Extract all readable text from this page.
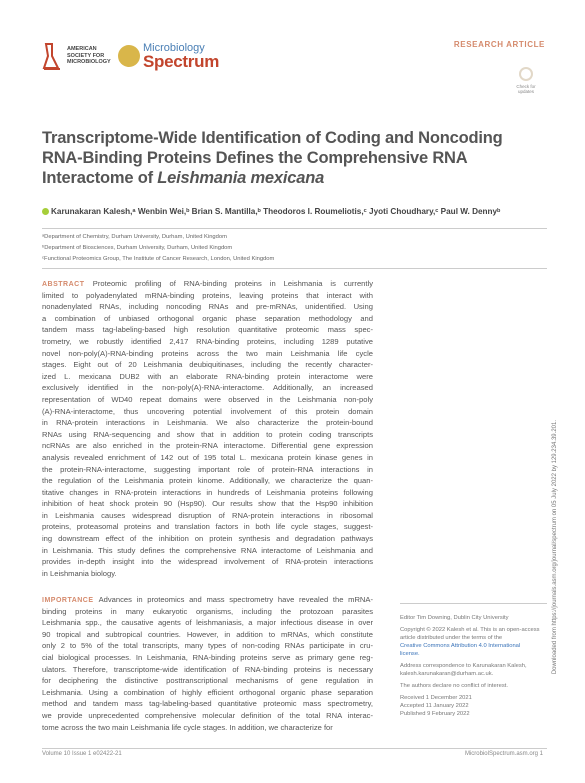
AMERICAN
SOCIETY FOR
MICROBIOLOGY
Microbiology
Spectrum
RESEARCH ARTICLE
Check for updates
Transcriptome-Wide Identification of Coding and Noncoding
RNA-Binding Proteins Defines the Comprehensive RNA
Interactome of Leishmania mexicana
Karunakaran Kalesh,ᵃ Wenbin Wei,ᵇ Brian S. Mantilla,ᵇ Theodoros I. Roumeliotis,ᶜ Jyoti Choudhary,ᶜ Paul W. Dennyᵇ
ᵃDepartment of Chemistry, Durham University, Durham, United Kingdom
ᵇDepartment of Biosciences, Durham University, Durham, United Kingdom
ᶜFunctional Proteomics Group, The Institute of Cancer Research, London, United Kingdom
ABSTRACT Proteomic profiling of RNA-binding proteins in Leishmania is currently
limited to polyadenylated mRNA-binding proteins, leaving proteins that interact with
nonadenylated RNAs, including noncoding RNAs and pre-mRNAs, unidentified. Using
a combination of unbiased orthogonal organic phase separation methodology and
tandem mass tag-labeling-based high resolution quantitative proteomic mass spec-
trometry, we robustly identified 2,417 RNA-binding proteins, including 1289 putative
novel non-poly(A)-RNA-binding proteins across the two main Leishmania life cycle
stages. Eight out of 20 Leishmania deubiquitinases, including the recently character-
ized L. mexicana DUB2 with an elaborate RNA-binding protein interactome were
exclusively identified in the non-poly(A)-RNA-interactome. Additionally, an increased
representation of WD40 repeat domains were observed in the Leishmania non-poly
(A)-RNA-interactome, thus uncovering potential involvement of this protein domain
in RNA-protein interactions in Leishmania. We also characterize the protein-bound
RNAs using RNA-sequencing and show that in addition to protein coding transcripts
ncRNAs are also enriched in the protein-RNA interactome. Differential gene expression
analysis revealed enrichment of 142 out of 195 total L. mexicana protein kinase genes in
the protein-RNA-interactome, suggesting important role of protein-RNA interactions in
the regulation of the Leishmania protein kinome. Additionally, we characterize the quan-
titative changes in RNA-protein interactions in hundreds of Leishmania proteins following
inhibition of heat shock protein 90 (Hsp90). Our results show that the Hsp90 inhibition
in Leishmania causes widespread disruption of RNA-protein interactions in ribosomal
proteins, proteasomal proteins and translation factors in both life cycle stages, suggest-
ing downstream effect of the inhibition on protein synthesis and degradation pathways
in Leishmania. This study defines the comprehensive RNA interactome of Leishmania and
provides in-depth insight into the widespread involvement of RNA-protein interactions
in Leishmania biology.
IMPORTANCE Advances in proteomics and mass spectrometry have revealed the mRNA-
binding proteins in many eukaryotic organisms, including the protozoan parasites
Leishmania spp., the causative agents of leishmaniasis, a major infectious disease in over
90 tropical and subtropical countries. However, in addition to mRNAs, which constitute
only 2 to 5% of the total transcripts, many types of non-coding RNAs participate in cru-
cial biological processes. In Leishmania, RNA-binding proteins serve as primary gene reg-
ulators. Therefore, transcriptome-wide identification of RNA-binding proteins is necessary
for deciphering the distinctive posttranscriptional mechanisms of gene regulation in
Leishmania. Using a combination of highly efficient orthogonal organic phase separation
method and tandem mass tag-labeling-based quantitative proteomic mass spectrometry,
we provide unprecedented comprehensive molecular definition of the total RNA interac-
tome across the two main Leishmania life cycle stages. In addition, we characterize for
Editor Tim Downing, Dublin City University
Copyright © 2022 Kalesh et al. This is an open-access article distributed under the terms of the
Creative Commons Attribution 4.0 International license.
Address correspondence to Karunakaran Kalesh, kalesh.karunakaran@durham.ac.uk.
The authors declare no conflict of interest.
Received 1 December 2021
Accepted 11 January 2022
Published 9 February 2022
Downloaded from https://journals.asm.org/journal/spectrum on 05 July 2022 by 129.234.39.201.
Volume 10 Issue 1 e02422-21	MicrobiolSpectrum.asm.org 1
